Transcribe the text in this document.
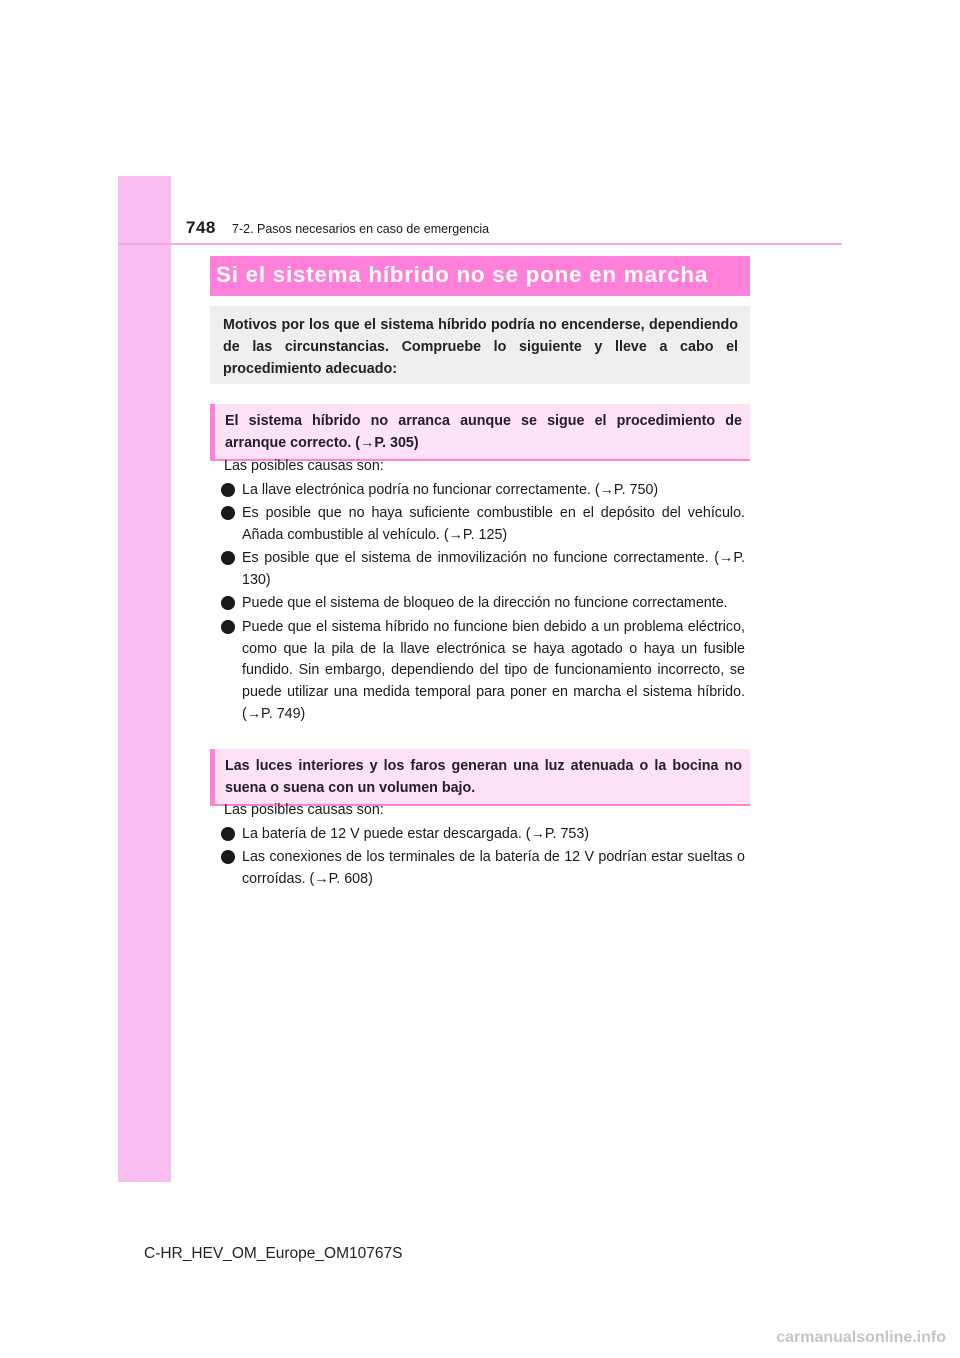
748 7-2. Pasos necesarios en caso de emergencia
Si el sistema híbrido no se pone en marcha
Motivos por los que el sistema híbrido podría no encenderse, dependiendo de las circunstancias. Compruebe lo siguiente y lleve a cabo el procedimiento adecuado:
El sistema híbrido no arranca aunque se sigue el procedimiento de arranque correcto. (→P. 305)
Las posibles causas son:
La llave electrónica podría no funcionar correctamente. (→P. 750)
Es posible que no haya suficiente combustible en el depósito del vehículo. Añada combustible al vehículo. (→P. 125)
Es posible que el sistema de inmovilización no funcione correctamente. (→P. 130)
Puede que el sistema de bloqueo de la dirección no funcione correctamente.
Puede que el sistema híbrido no funcione bien debido a un problema eléctrico, como que la pila de la llave electrónica se haya agotado o haya un fusible fundido. Sin embargo, dependiendo del tipo de funcionamiento incorrecto, se puede utilizar una medida temporal para poner en marcha el sistema híbrido. (→P. 749)
Las luces interiores y los faros generan una luz atenuada o la bocina no suena o suena con un volumen bajo.
Las posibles causas son:
La batería de 12 V puede estar descargada. (→P. 753)
Las conexiones de los terminales de la batería de 12 V podrían estar sueltas o corroídas. (→P. 608)
C-HR_HEV_OM_Europe_OM10767S
carmanualsonline.info
